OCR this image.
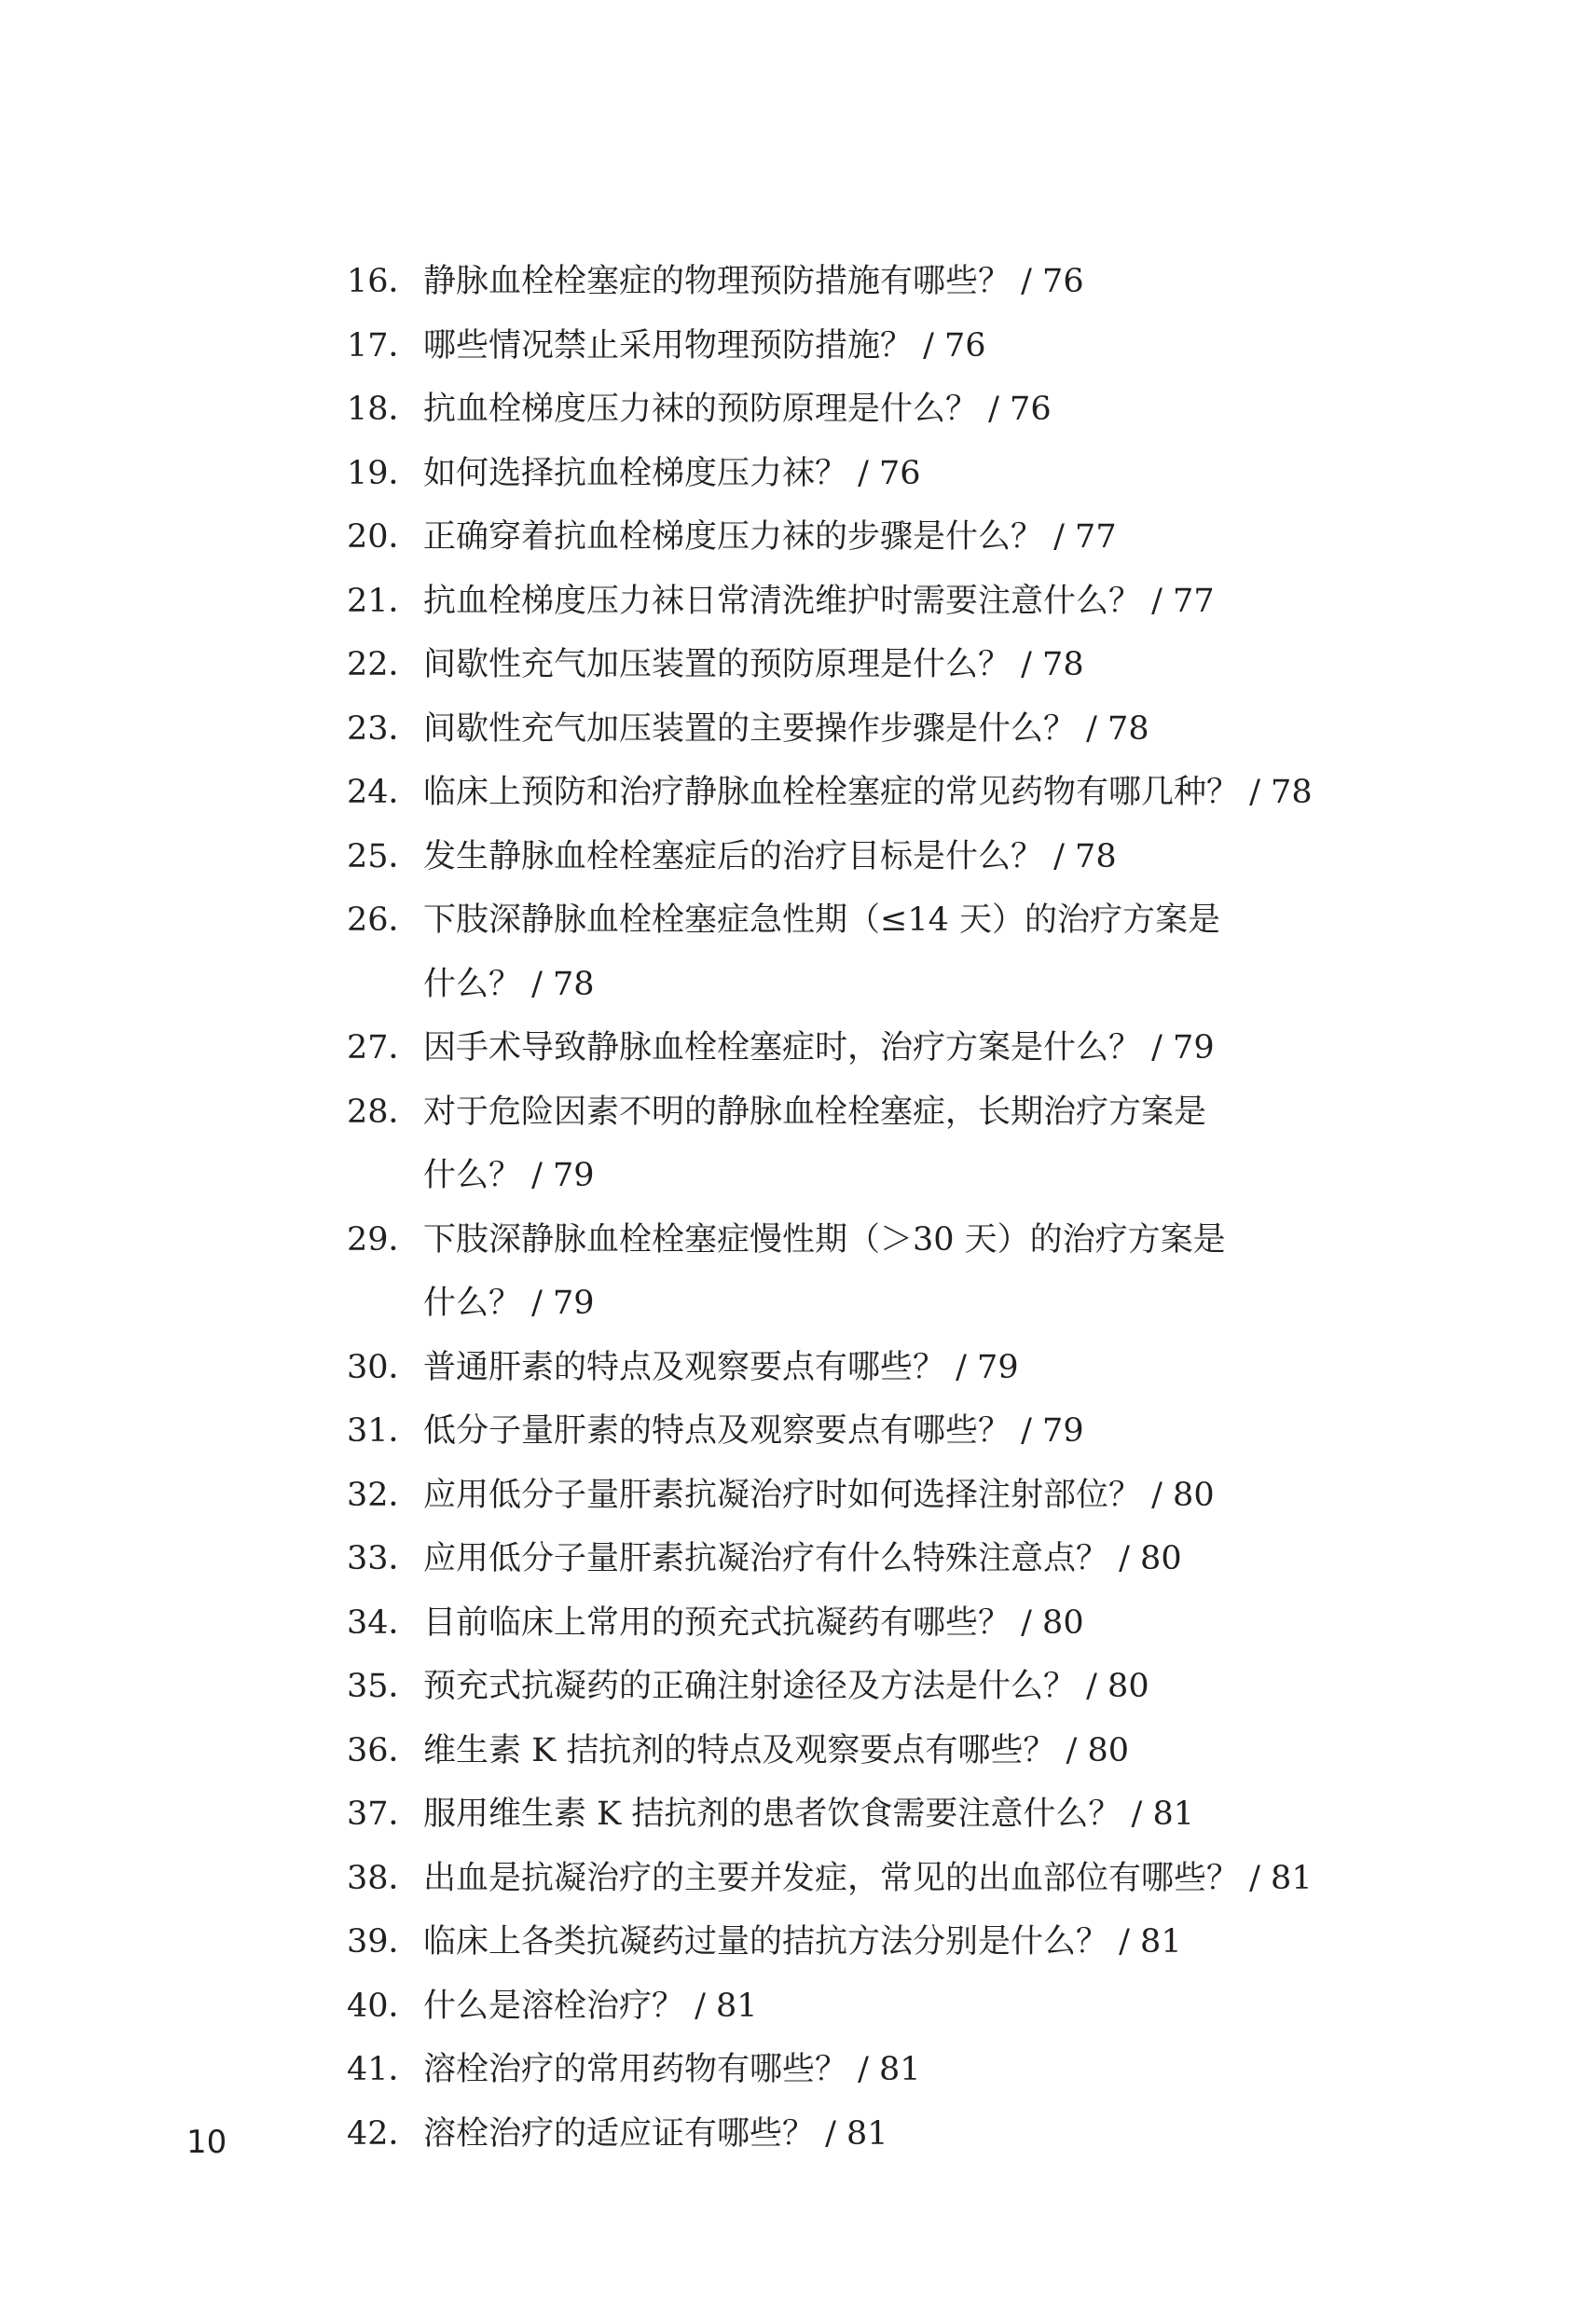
16． 静脉血栓栓塞症的物理预防措施有哪些？ / 76
17． 哪些情况禁止采用物理预防措施？ / 76
18． 抗血栓梯度压力袜的预防原理是什么？ / 76
19． 如何选择抗血栓梯度压力袜？ / 76
20． 正确穿着抗血栓梯度压力袜的步骤是什么？ / 77
21． 抗血栓梯度压力袜日常清洗维护时需要注意什么？ / 77
22． 间歇性充气加压装置的预防原理是什么？ / 78
23． 间歇性充气加压装置的主要操作步骤是什么？ / 78
24． 临床上预防和治疗静脉血栓栓塞症的常见药物有哪几种？ / 78
25． 发生静脉血栓栓塞症后的治疗目标是什么？ / 78
26． 下肢深静脉血栓栓塞症急性期（≤14 天）的治疗方案是
什么？ / 78
27． 因手术导致静脉血栓栓塞症时，治疗方案是什么？ / 79
28． 对于危险因素不明的静脉血栓栓塞症，长期治疗方案是
什么？ / 79
29． 下肢深静脉血栓栓塞症慢性期（＞30 天）的治疗方案是
什么？ / 79
30． 普通肝素的特点及观察要点有哪些？ / 79
31． 低分子量肝素的特点及观察要点有哪些？ / 79
32． 应用低分子量肝素抗凝治疗时如何选择注射部位？ / 80
33． 应用低分子量肝素抗凝治疗有什么特殊注意点？ / 80
34． 目前临床上常用的预充式抗凝药有哪些？ / 80
35． 预充式抗凝药的正确注射途径及方法是什么？ / 80
36． 维生素 K 拮抗剂的特点及观察要点有哪些？ / 80
37． 服用维生素 K 拮抗剂的患者饮食需要注意什么？ / 81
38． 出血是抗凝治疗的主要并发症，常见的出血部位有哪些？ / 81
39． 临床上各类抗凝药过量的拮抗方法分别是什么？ / 81
40． 什么是溶栓治疗？ / 81
41． 溶栓治疗的常用药物有哪些？ / 81
42． 溶栓治疗的适应证有哪些？ / 81
10
